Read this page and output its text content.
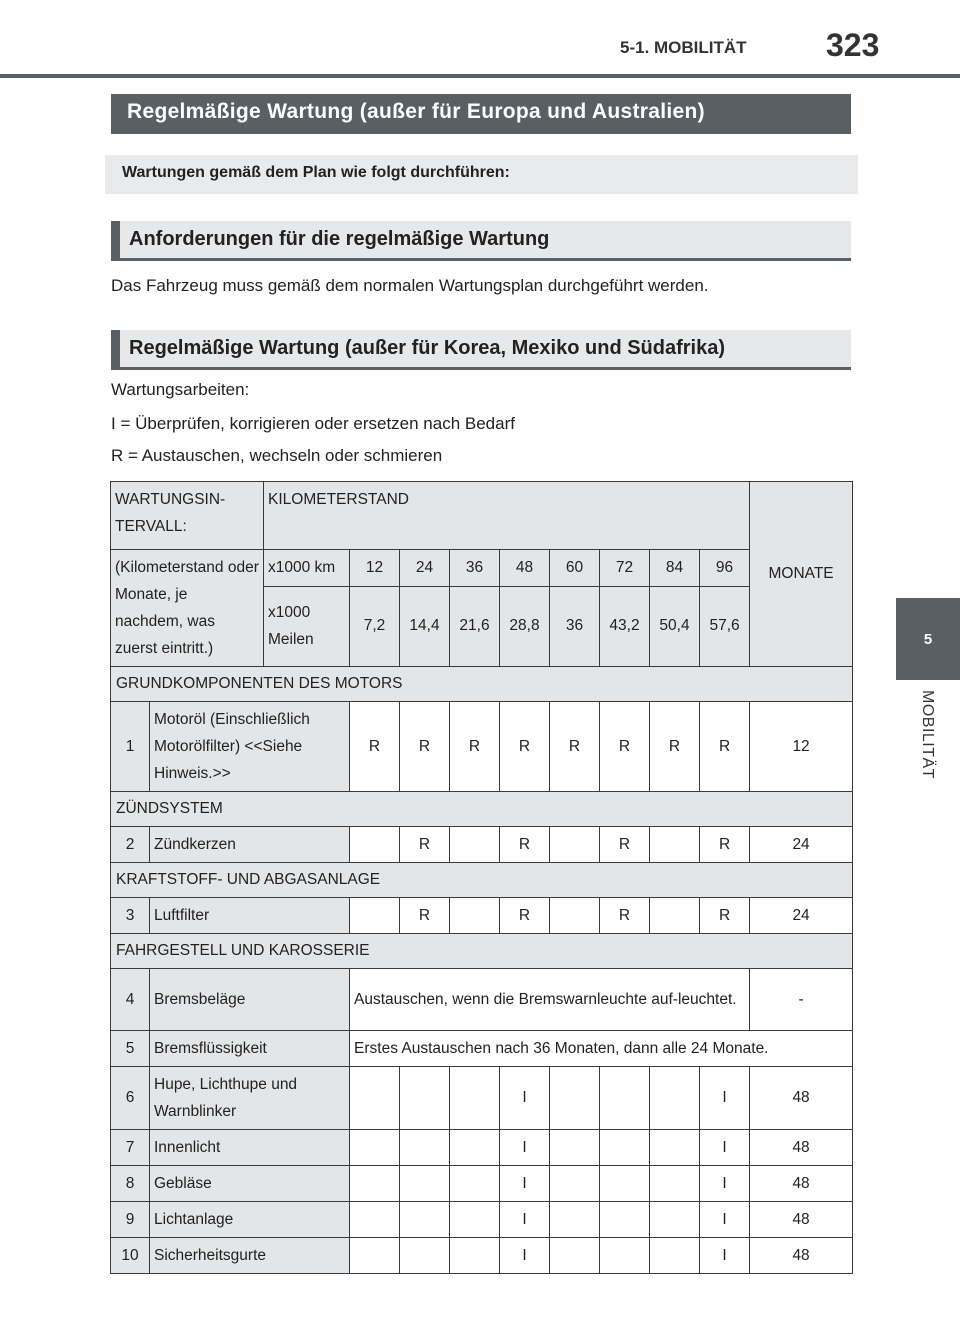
5-1. MOBILITÄT 323
5
MOBILITÄT
Regelmäßige Wartung (außer für Europa und Australien)
Wartungen gemäß dem Plan wie folgt durchführen:
Anforderungen für die regelmäßige Wartung
Das Fahrzeug muss gemäß dem normalen Wartungsplan durchgeführt werden.
Regelmäßige Wartung (außer für Korea, Mexiko und Südafrika)
Wartungsarbeiten:
I = Überprüfen, korrigieren oder ersetzen nach Bedarf
R = Austauschen, wechseln oder schmieren
WARTUNGSIN-TERVALL:		KILOMETERSTAND									MONATE
(Kilometerstand oder Monate, je nachdem, was zuerst eintritt.)		x1000 km	12	24	36	48	60	72	84	96	
		x1000 Meilen	7,2	14,4	21,6	28,8	36	43,2	50,4	57,6	
GRUNDKOMPONENTEN DES MOTORS											
1	Motoröl (Einschließlich Motorölfilter) <<Siehe Hinweis.>>		R	R	R	R	R	R	R	R	12
ZÜNDSYSTEM											
2	Zündkerzen			R		R		R		R	24
KRAFTSTOFF- UND ABGASANLAGE											
3	Luftfilter			R		R		R		R	24
FAHRGESTELL UND KAROSSERIE											
4	Bremsbeläge		Austauschen, wenn die Bremswarnleuchte auf-leuchtet.								-
5	Bremsflüssigkeit		Erstes Austauschen nach 36 Monaten, dann alle 24 Monate.								
6	Hupe, Lichthupe und Warnblinker					I				I	48
7	Innenlicht					I				I	48
8	Gebläse					I				I	48
9	Lichtanlage					I				I	48
10	Sicherheitsgurte					I				I	48
